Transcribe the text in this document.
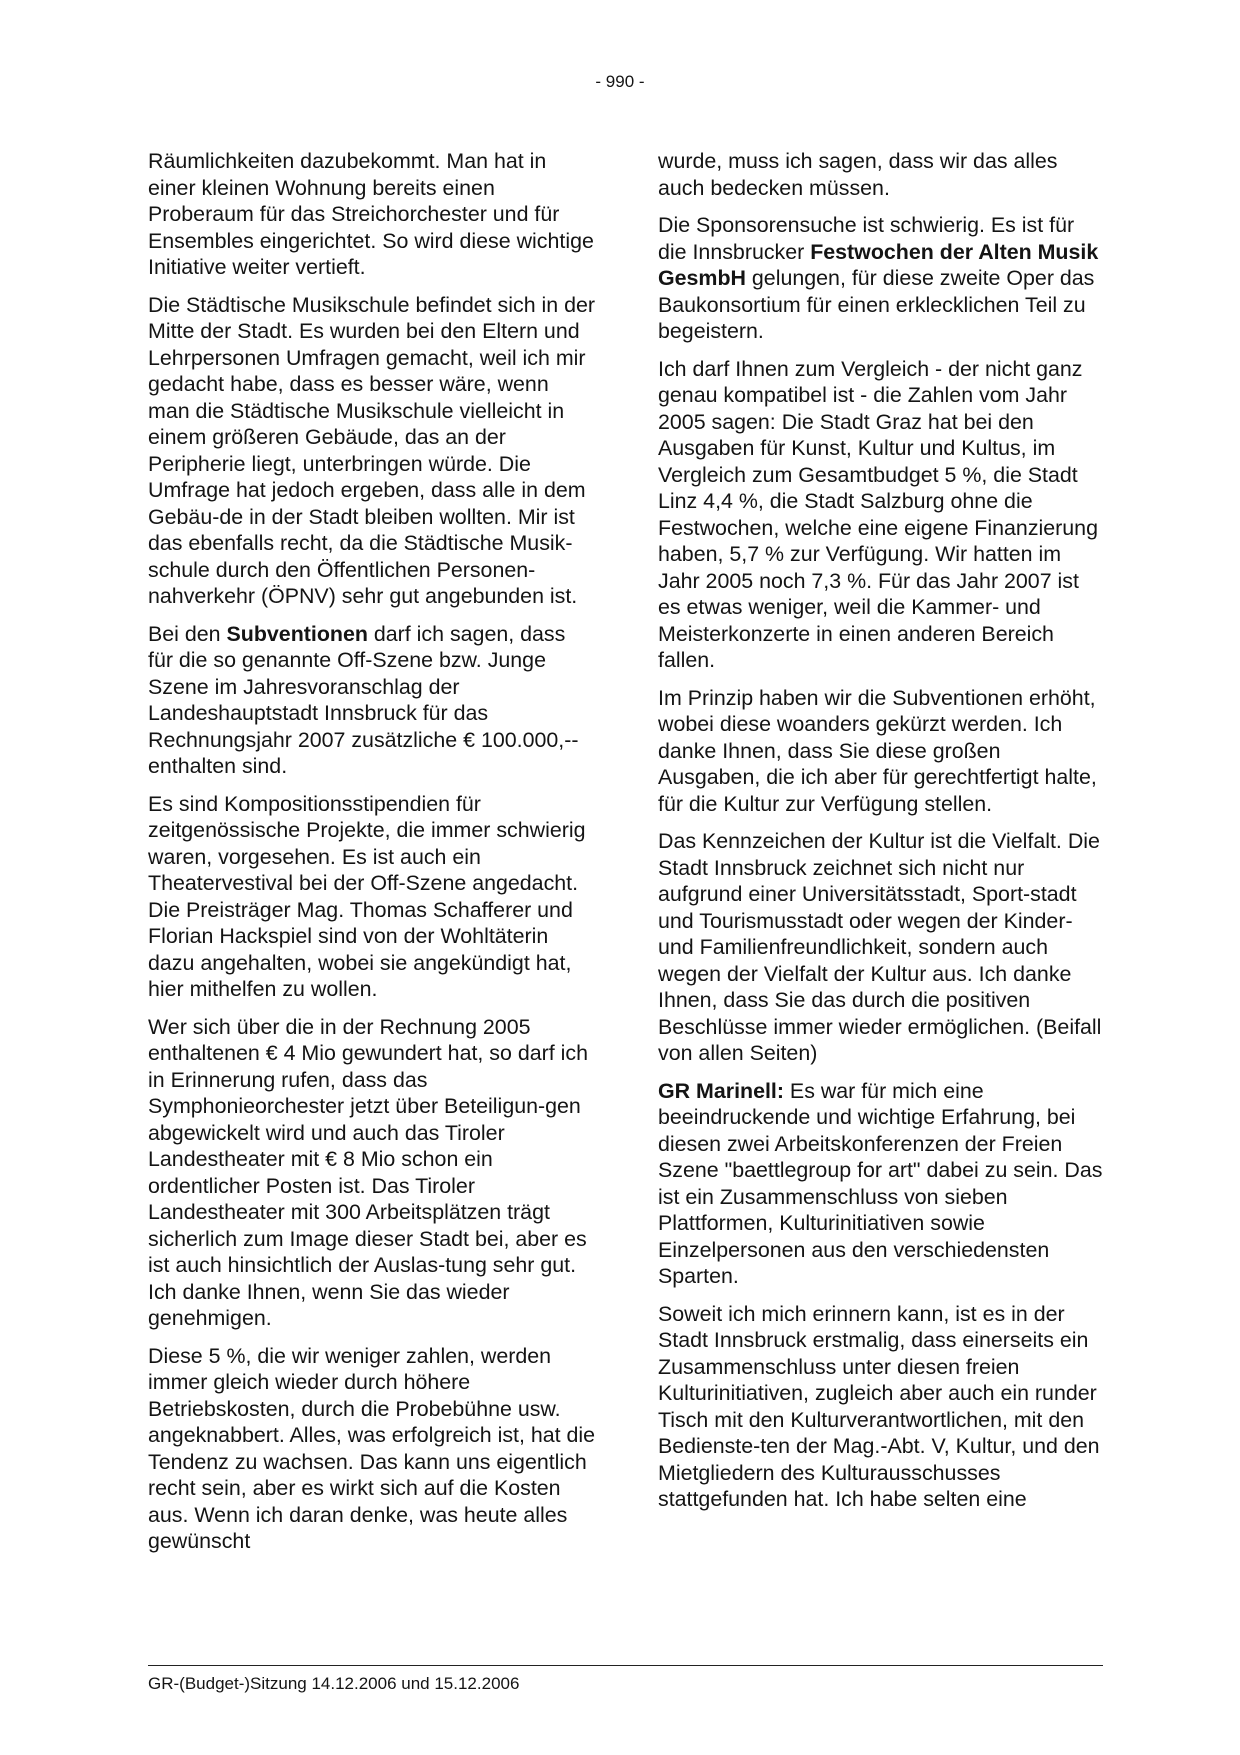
- 990 -

Räumlichkeiten dazubekommt. Man hat in einer kleinen Wohnung bereits einen Proberaum für das Streichorchester und für Ensembles eingerichtet. So wird diese wichtige Initiative weiter vertieft.

Die Städtische Musikschule befindet sich in der Mitte der Stadt. Es wurden bei den Eltern und Lehrpersonen Umfragen gemacht, weil ich mir gedacht habe, dass es besser wäre, wenn man die Städtische Musikschule vielleicht in einem größeren Gebäude, das an der Peripherie liegt, unterbringen würde. Die Umfrage hat jedoch ergeben, dass alle in dem Gebäu-de in der Stadt bleiben wollten. Mir ist das ebenfalls recht, da die Städtische Musik-schule durch den Öffentlichen Personen-nahverkehr (ÖPNV) sehr gut angebunden ist.

Bei den Subventionen darf ich sagen, dass für die so genannte Off-Szene bzw. Junge Szene im Jahresvoranschlag der Landeshauptstadt Innsbruck für das Rechnungsjahr 2007 zusätzliche € 100.000,-- enthalten sind.

Es sind Kompositionsstipendien für zeitgenössische Projekte, die immer schwierig waren, vorgesehen. Es ist auch ein Theatervestival bei der Off-Szene angedacht. Die Preisträger Mag. Thomas Schafferer und Florian Hackspiel sind von der Wohltäterin dazu angehalten, wobei sie angekündigt hat, hier mithelfen zu wollen.

Wer sich über die in der Rechnung 2005 enthaltenen € 4 Mio gewundert hat, so darf ich in Erinnerung rufen, dass das Symphonieorchester jetzt über Beteiligun-gen abgewickelt wird und auch das Tiroler Landestheater mit € 8 Mio schon ein ordentlicher Posten ist. Das Tiroler Landestheater mit 300 Arbeitsplätzen trägt sicherlich zum Image dieser Stadt bei, aber es ist auch hinsichtlich der Auslas-tung sehr gut. Ich danke Ihnen, wenn Sie das wieder genehmigen.

Diese 5 %, die wir weniger zahlen, werden immer gleich wieder durch höhere Betriebskosten, durch die Probebühne usw. angeknabbert. Alles, was erfolgreich ist, hat die Tendenz zu wachsen. Das kann uns eigentlich recht sein, aber es wirkt sich auf die Kosten aus. Wenn ich daran denke, was heute alles gewünscht

wurde, muss ich sagen, dass wir das alles auch bedecken müssen.

Die Sponsorensuche ist schwierig. Es ist für die Innsbrucker Festwochen der Alten Musik GesmbH gelungen, für diese zweite Oper das Baukonsortium für einen erklecklichen Teil zu begeistern.

Ich darf Ihnen zum Vergleich - der nicht ganz genau kompatibel ist - die Zahlen vom Jahr 2005 sagen: Die Stadt Graz hat bei den Ausgaben für Kunst, Kultur und Kultus, im Vergleich zum Gesamtbudget 5 %, die Stadt Linz 4,4 %, die Stadt Salzburg ohne die Festwochen, welche eine eigene Finanzierung haben, 5,7 % zur Verfügung. Wir hatten im Jahr 2005 noch 7,3 %. Für das Jahr 2007 ist es etwas weniger, weil die Kammer- und Meisterkonzerte in einen anderen Bereich fallen.

Im Prinzip haben wir die Subventionen erhöht, wobei diese woanders gekürzt werden. Ich danke Ihnen, dass Sie diese großen Ausgaben, die ich aber für gerechtfertigt halte, für die Kultur zur Verfügung stellen.

Das Kennzeichen der Kultur ist die Vielfalt. Die Stadt Innsbruck zeichnet sich nicht nur aufgrund einer Universitätsstadt, Sport-stadt und Tourismusstadt oder wegen der Kinder- und Familienfreundlichkeit, sondern auch wegen der Vielfalt der Kultur aus. Ich danke Ihnen, dass Sie das durch die positiven Beschlüsse immer wieder ermöglichen. (Beifall von allen Seiten)

GR Marinell: Es war für mich eine beeindruckende und wichtige Erfahrung, bei diesen zwei Arbeitskonferenzen der Freien Szene "baettlegroup for art" dabei zu sein. Das ist ein Zusammenschluss von sieben Plattformen, Kulturinitiativen sowie Einzelpersonen aus den verschiedensten Sparten.

Soweit ich mich erinnern kann, ist es in der Stadt Innsbruck erstmalig, dass einerseits ein Zusammenschluss unter diesen freien Kulturinitiativen, zugleich aber auch ein runder Tisch mit den Kulturverantwortlichen, mit den Bedienste-ten der Mag.-Abt. V, Kultur, und den Mietgliedern des Kulturausschusses stattgefunden hat. Ich habe selten eine

GR-(Budget-)Sitzung 14.12.2006 und 15.12.2006
